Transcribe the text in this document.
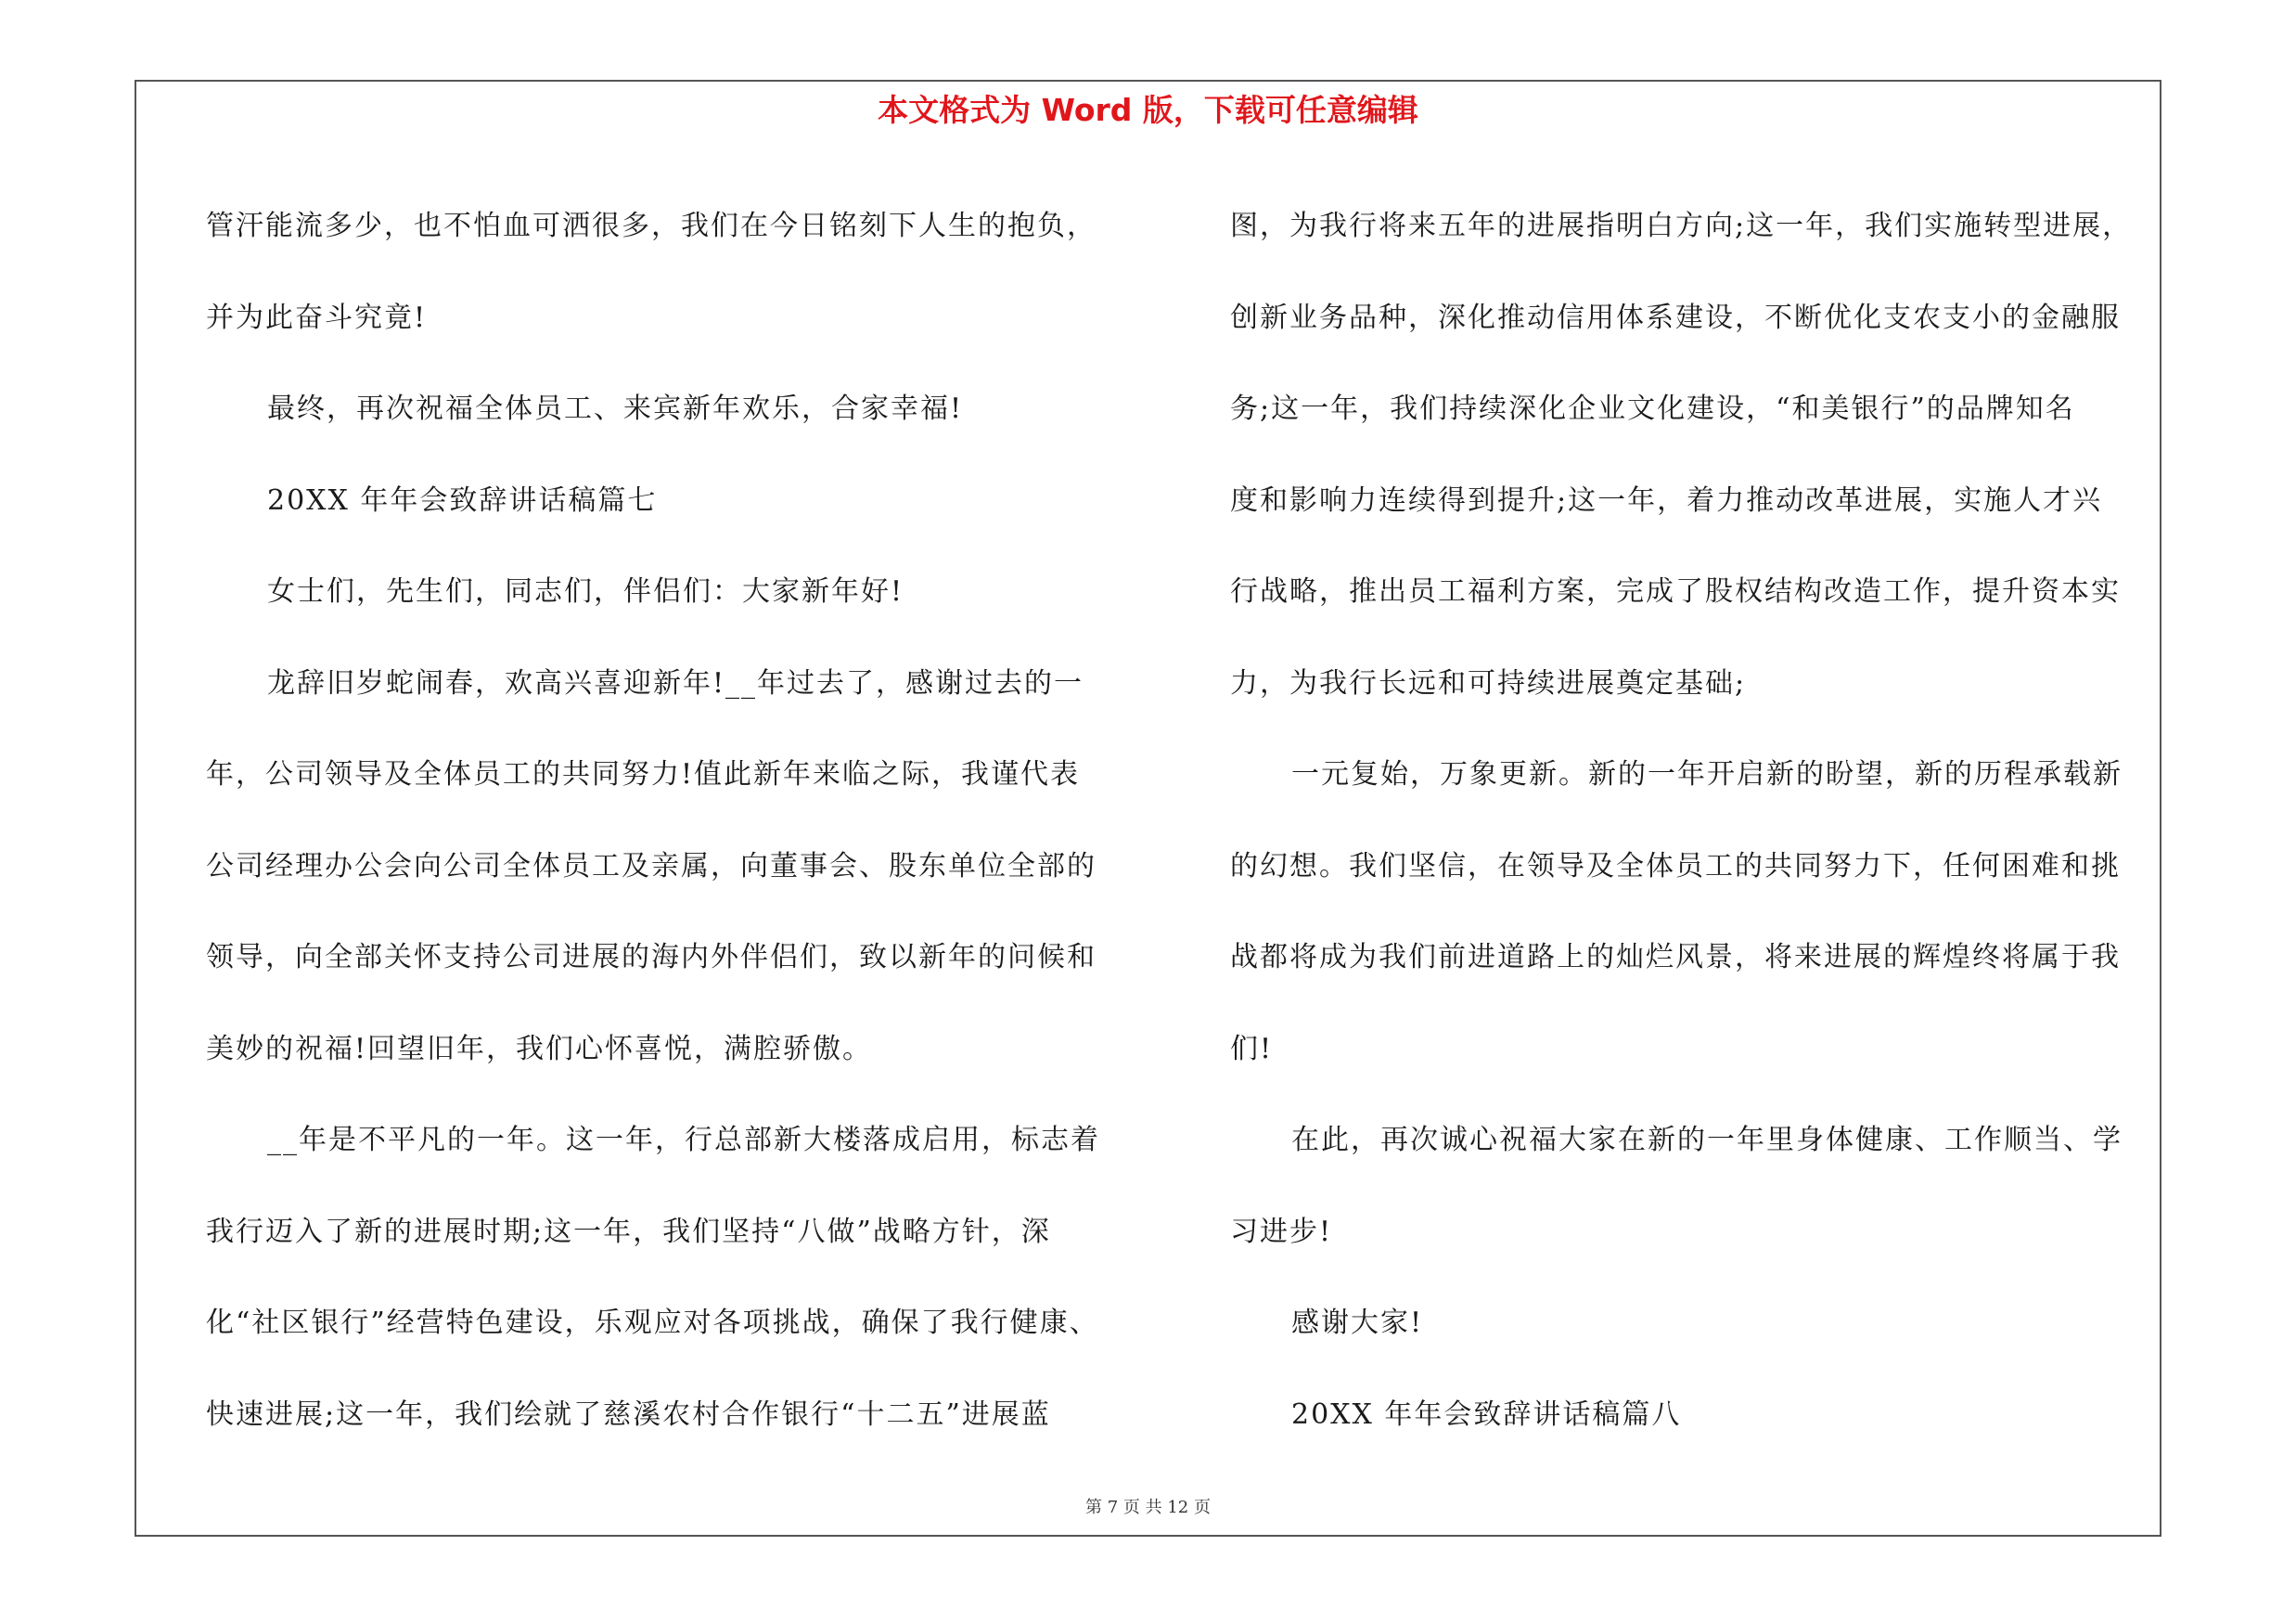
本文格式为 Word 版，下载可任意编辑

管汗能流多少，也不怕血可洒很多，我们在今日铭刻下人生的抱负，

并为此奋斗究竟!

最终，再次祝福全体员工、来宾新年欢乐，合家幸福!

20XX 年年会致辞讲话稿篇七

女士们，先生们，同志们，伴侣们：大家新年好!

龙辞旧岁蛇闹春，欢高兴喜迎新年!__年过去了，感谢过去的一

年，公司领导及全体员工的共同努力!值此新年来临之际，我谨代表

公司经理办公会向公司全体员工及亲属，向董事会、股东单位全部的

领导，向全部关怀支持公司进展的海内外伴侣们，致以新年的问候和

美妙的祝福!回望旧年，我们心怀喜悦，满腔骄傲。

__年是不平凡的一年。这一年，行总部新大楼落成启用，标志着

我行迈入了新的进展时期;这一年，我们坚持“八做”战略方针，深

化“社区银行”经营特色建设，乐观应对各项挑战，确保了我行健康、

快速进展;这一年，我们绘就了慈溪农村合作银行“十二五”进展蓝

图，为我行将来五年的进展指明白方向;这一年，我们实施转型进展，

创新业务品种，深化推动信用体系建设，不断优化支农支小的金融服

务;这一年，我们持续深化企业文化建设，“和美银行”的品牌知名

度和影响力连续得到提升;这一年，着力推动改革进展，实施人才兴

行战略，推出员工福利方案，完成了股权结构改造工作，提升资本实

力，为我行长远和可持续进展奠定基础;

一元复始，万象更新。新的一年开启新的盼望，新的历程承载新

的幻想。我们坚信，在领导及全体员工的共同努力下，任何困难和挑

战都将成为我们前进道路上的灿烂风景，将来进展的辉煌终将属于我

们!

在此，再次诚心祝福大家在新的一年里身体健康、工作顺当、学

习进步!

感谢大家!

20XX 年年会致辞讲话稿篇八

第 7 页 共 12 页
